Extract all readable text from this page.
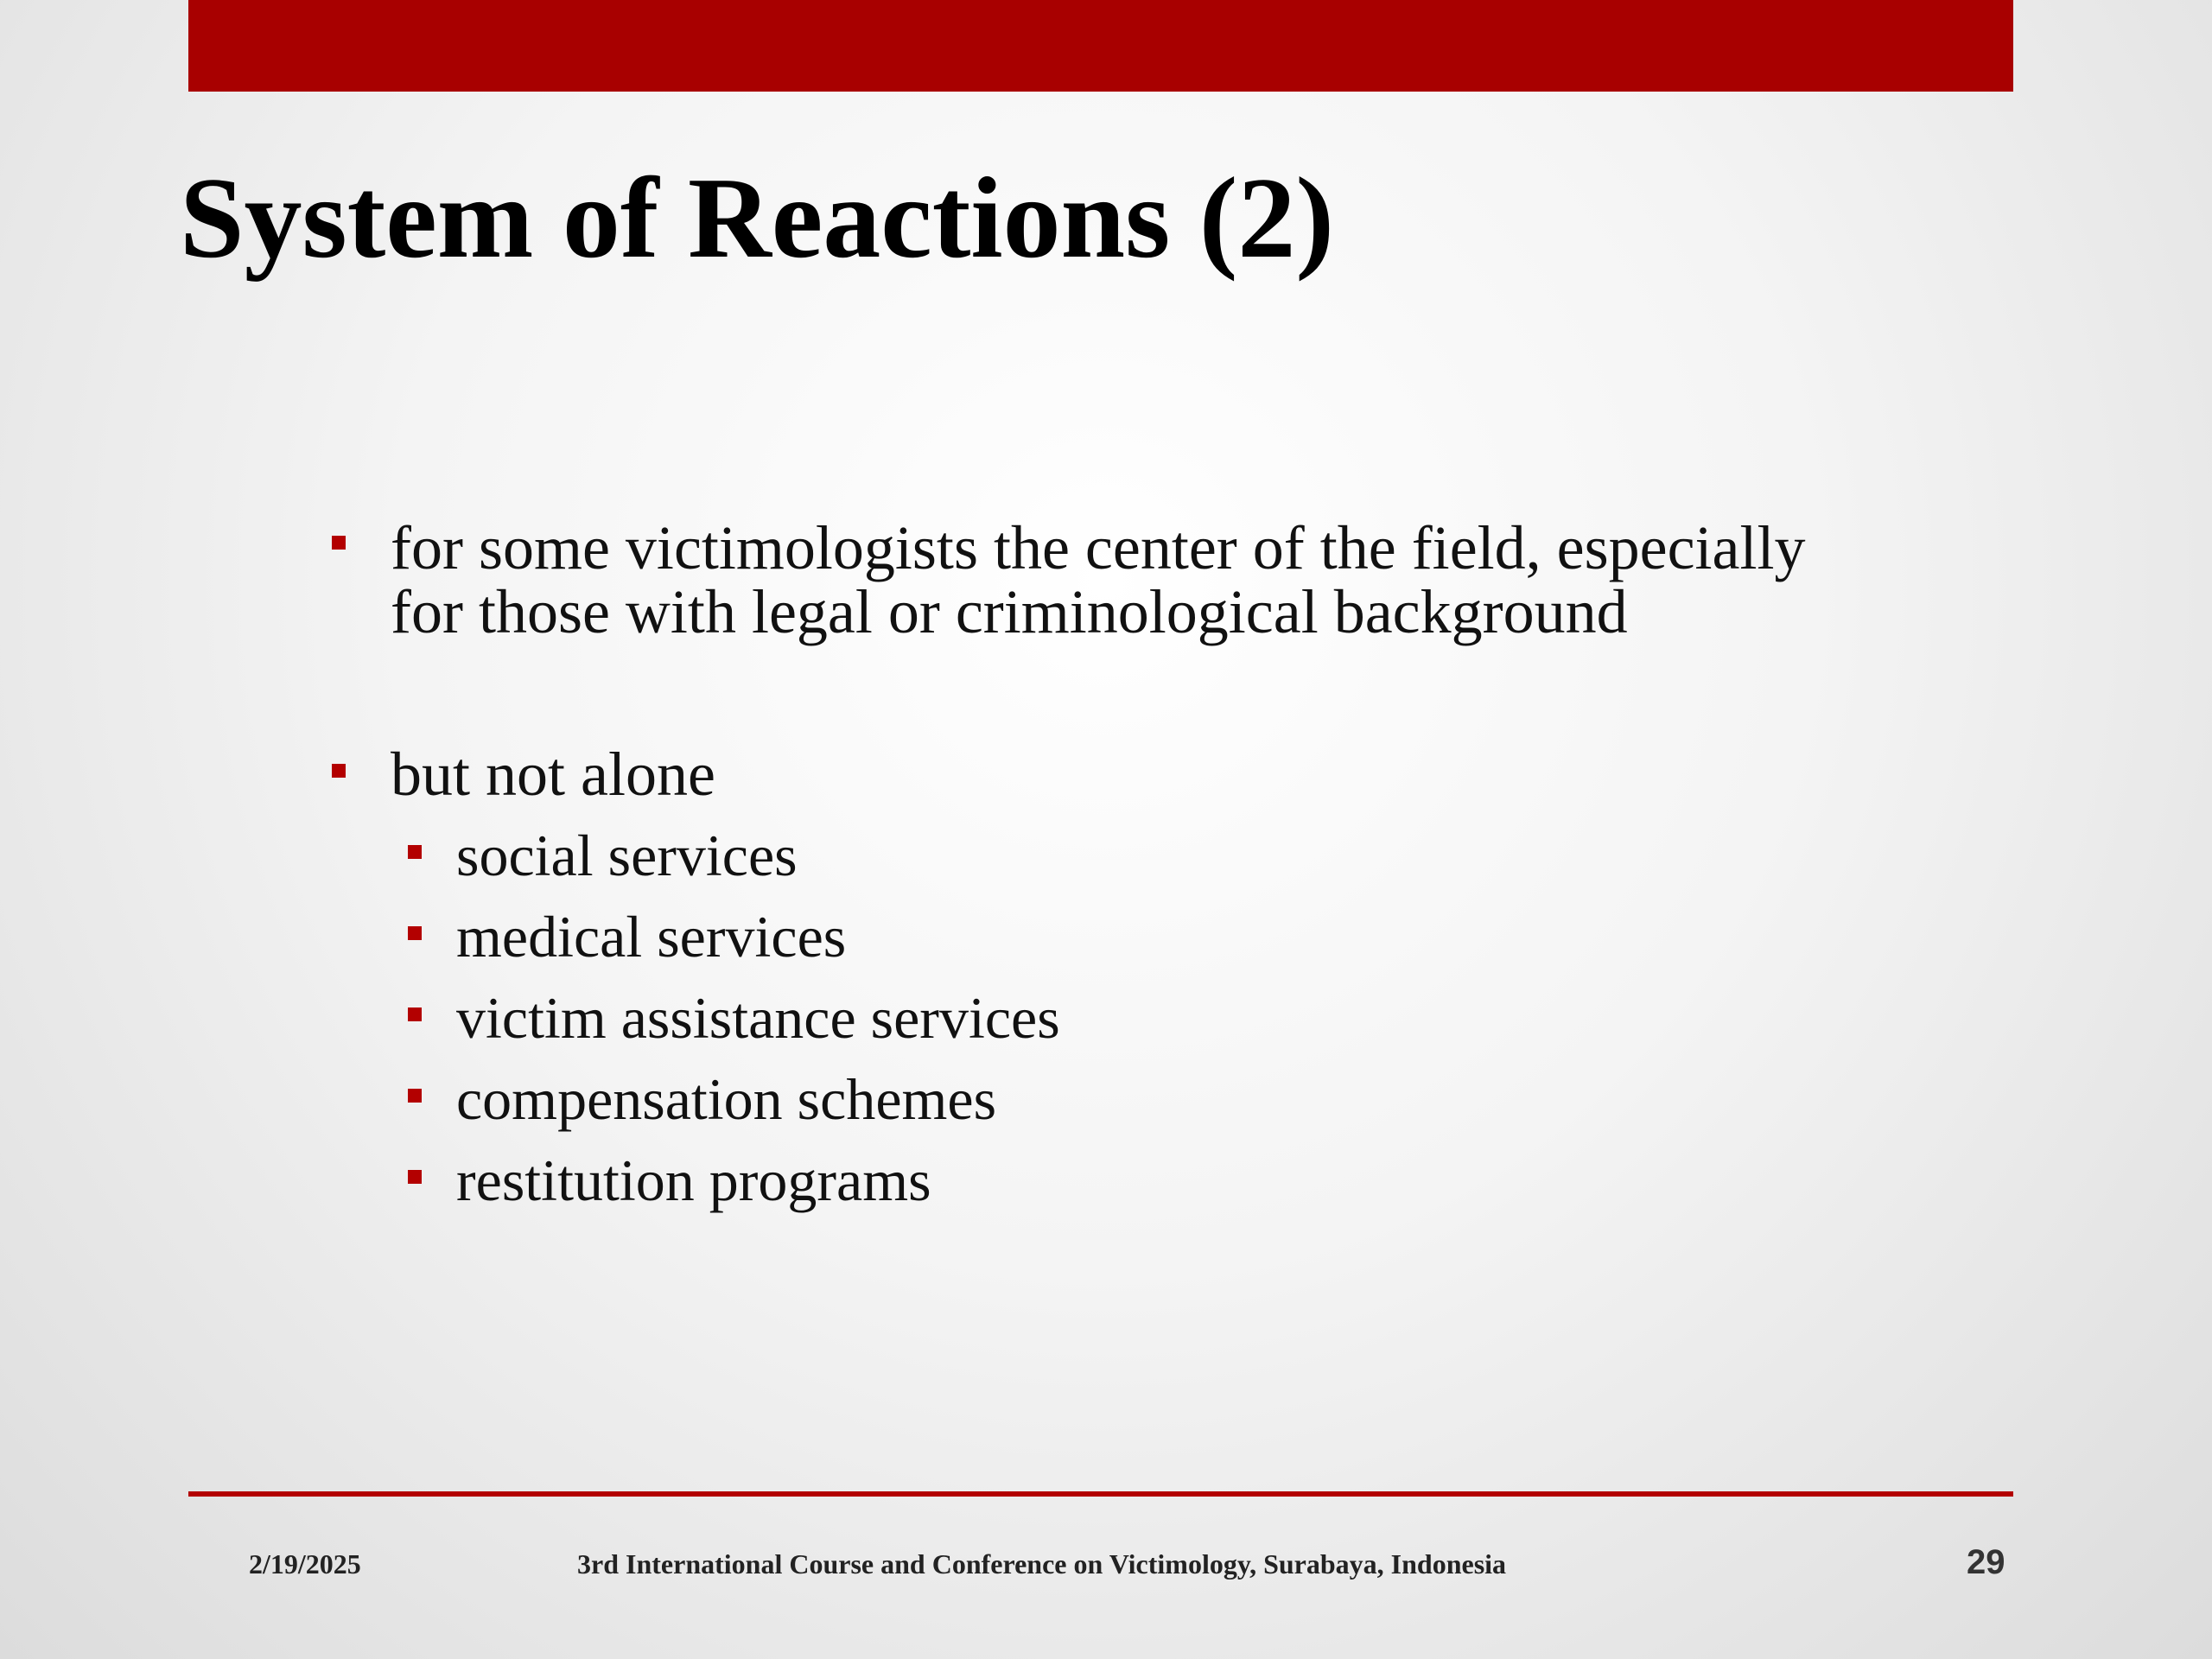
System of Reactions (2)
for some victimologists the center of the field, especially
for those with legal or criminological background
but not alone
social services
medical services
victim assistance services
compensation schemes
restitution programs
2/19/2025	3rd International Course and Conference on Victimology, Surabaya, Indonesia	29
